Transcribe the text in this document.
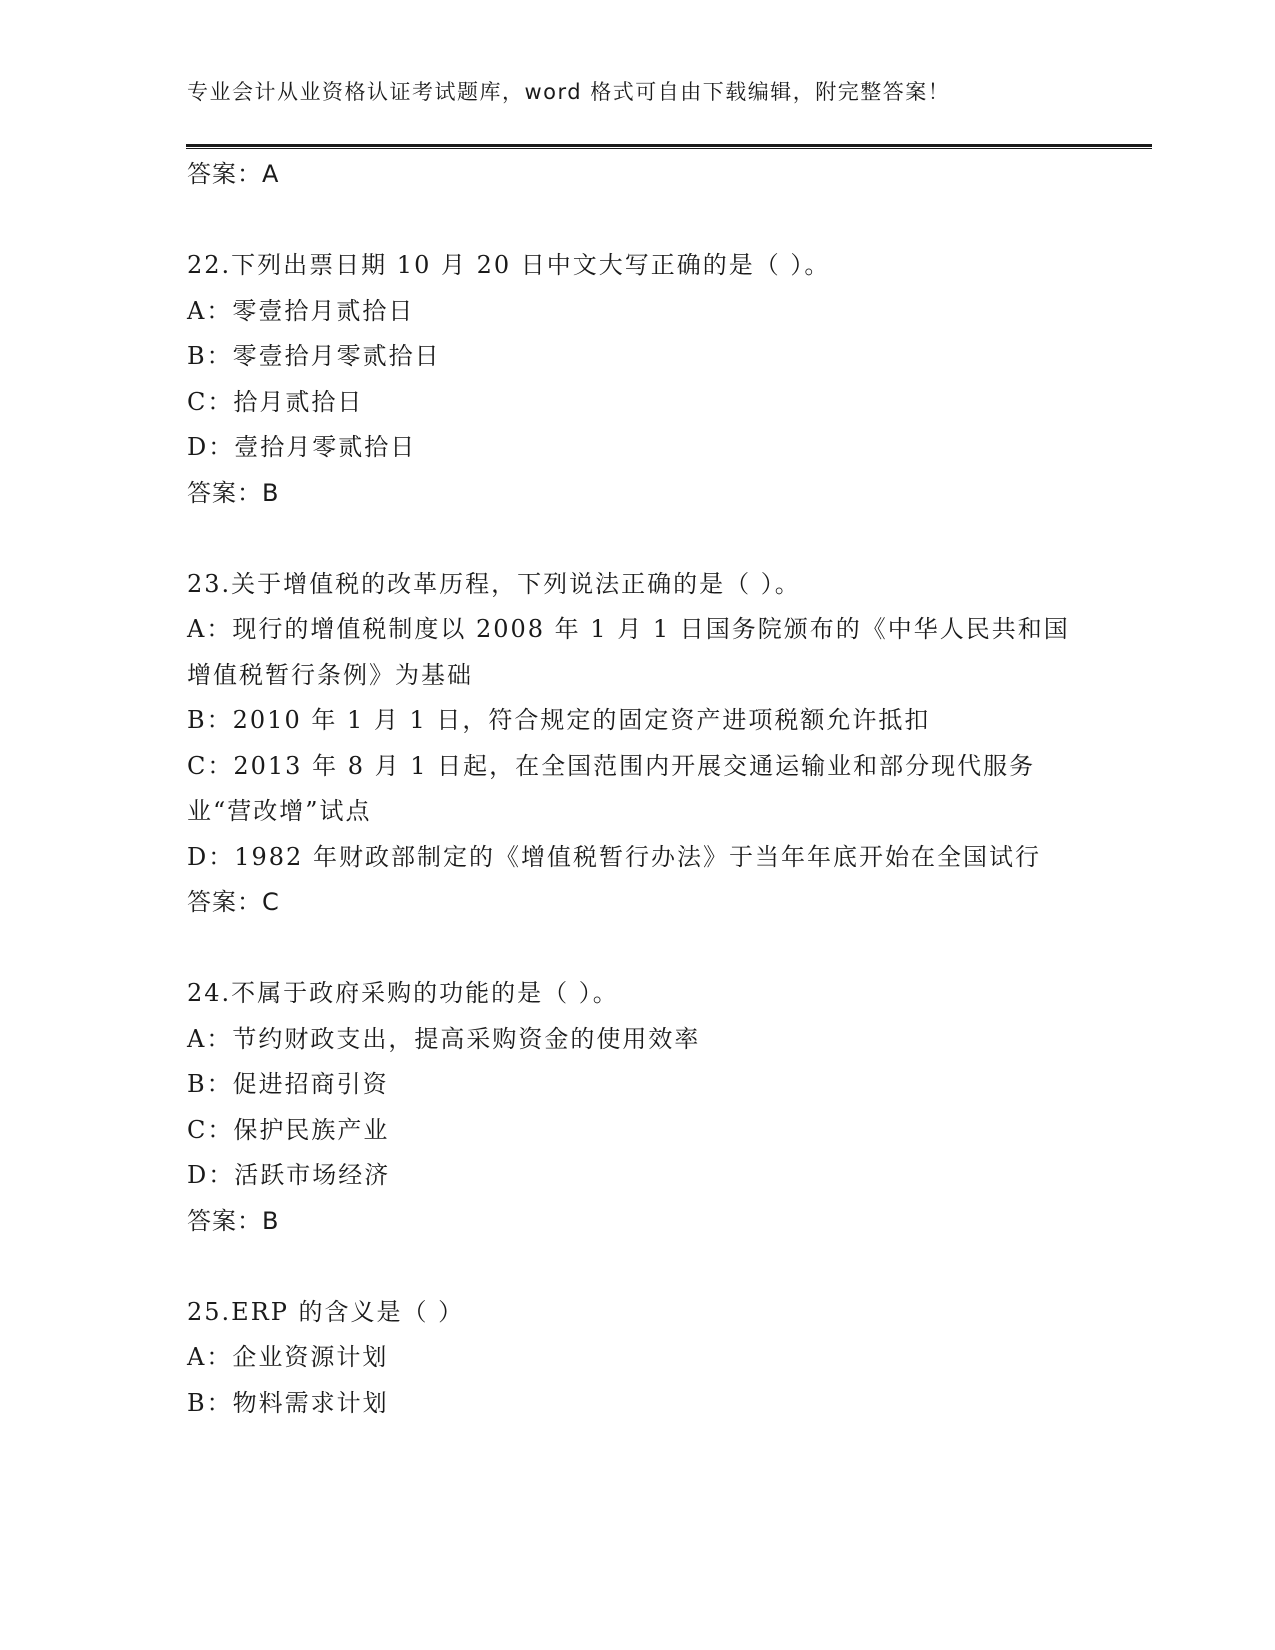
专业会计从业资格认证考试题库，word 格式可自由下载编辑，附完整答案！
答案：A
22.下列出票日期 10 月 20 日中文大写正确的是（ ）。
A：零壹拾月贰拾日
B：零壹拾月零贰拾日
C：拾月贰拾日
D：壹拾月零贰拾日
答案：B
23.关于增值税的改革历程，下列说法正确的是（ ）。
A：现行的增值税制度以 2008 年 1 月 1 日国务院颁布的《中华人民共和国增值税暂行条例》为基础
B：2010 年 1 月 1 日，符合规定的固定资产进项税额允许抵扣
C：2013 年 8 月 1 日起，在全国范围内开展交通运输业和部分现代服务业“营改增”试点
D：1982 年财政部制定的《增值税暂行办法》于当年年底开始在全国试行
答案：C
24.不属于政府采购的功能的是（ ）。
A：节约财政支出，提高采购资金的使用效率
B：促进招商引资
C：保护民族产业
D：活跃市场经济
答案：B
25.ERP 的含义是（ ）
A：企业资源计划
B：物料需求计划
